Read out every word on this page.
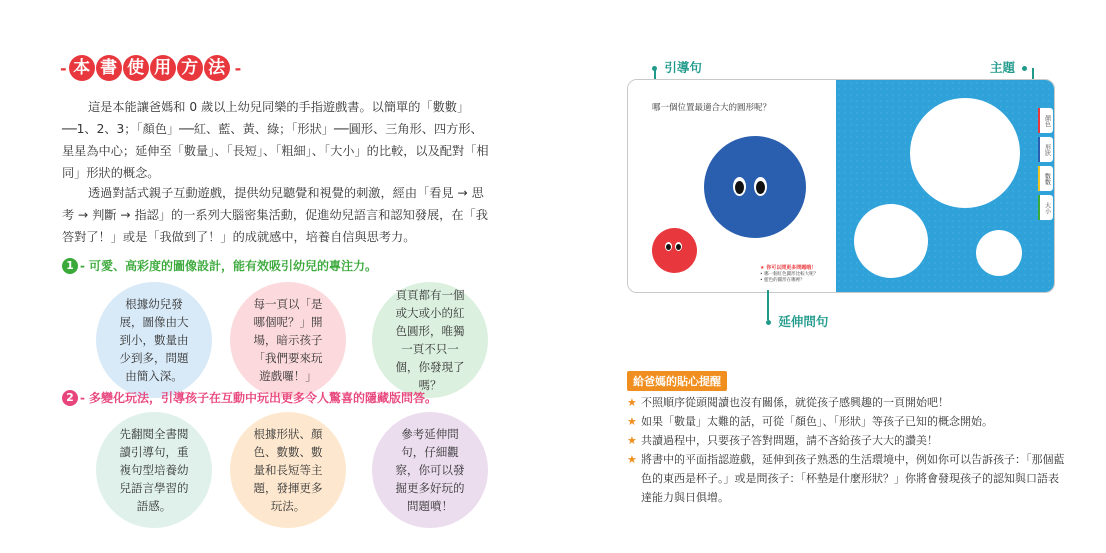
- 本 書 使 用 方 法 -

這是本能讓爸媽和 0 歲以上幼兒同樂的手指遊戲書。以簡單的「數數」──1、2、3；「顏色」──紅、藍、黃、綠；「形狀」──圓形、三角形、四方形、星星為中心；延伸至「數量」、「長短」、「粗細」、「大小」的比較，以及配對「相同」形狀的概念。

透過對話式親子互動遊戲，提供幼兒聽覺和視覺的刺激，經由「看見 → 思考 → 判斷 → 指認」的一系列大腦密集活動，促進幼兒語言和認知發展，在「我答對了！」或是「我做到了！」的成就感中，培養自信與思考力。

1 - 可愛、高彩度的圖像設計，能有效吸引幼兒的專注力。
根據幼兒發展，圖像由大到小，數量由少到多，問題由簡入深。
每一頁以「是哪個呢？」開場，暗示孩子「我們要來玩遊戲囉！」
頁頁都有一個或大或小的紅色圓形，唯獨一頁不只一個，你發現了嗎？
2 - 多變化玩法，引導孩子在互動中玩出更多令人驚喜的隱藏版問答。
先翻閱全書閱讀引導句，重複句型培養幼兒語言學習的語感。
根據形狀、顏色、數數、數量和長短等主題，發揮更多玩法。
參考延伸問句，仔細觀察，你可以發掘更多好玩的問題噴！
引導句	主題
哪一個位置最適合大的圓形呢？
★ 你可以問更多問題哦！
• 哪一個紅色圓形比較大呢？
• 藍色的圓形在哪裡？
顏色
形狀
數數
大小
延伸問句
給爸媽的貼心提醒
★ 不照順序從頭閱讀也沒有關係，就從孩子感興趣的一頁開始吧！
★ 如果「數量」太難的話，可從「顏色」、「形狀」等孩子已知的概念開始。
★ 共讀過程中，只要孩子答對問題，請不吝給孩子大大的讚美！
★ 將書中的平面指認遊戲，延伸到孩子熟悉的生活環境中，例如你可以告訴孩子：「那個藍色的東西是杯子。」或是問孩子：「杯墊是什麼形狀？」你將會發現孩子的認知與口語表達能力與日俱增。
